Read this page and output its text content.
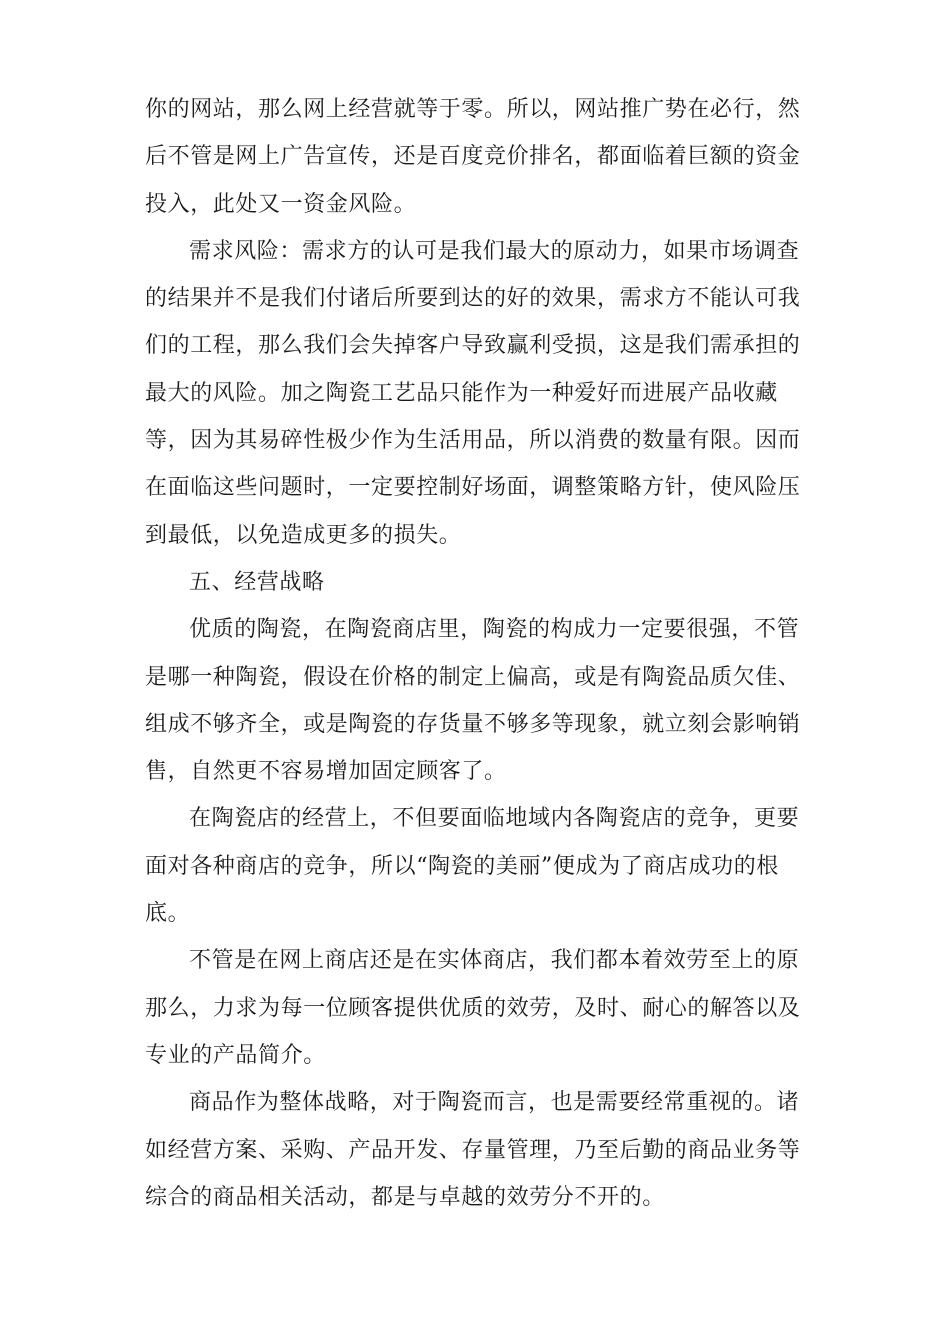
你的网站，那么网上经营就等于零。所以，网站推广势在必行，然
后不管是网上广告宣传，还是百度竞价排名，都面临着巨额的资金
投入，此处又一资金风险。
需求风险：需求方的认可是我们最大的原动力，如果市场调查
的结果并不是我们付诸后所要到达的好的效果，需求方不能认可我
们的工程，那么我们会失掉客户导致赢利受损，这是我们需承担的
最大的风险。加之陶瓷工艺品只能作为一种爱好而进展产品收藏
等，因为其易碎性极少作为生活用品，所以消费的数量有限。因而
在面临这些问题时，一定要控制好场面，调整策略方针，使风险压
到最低，以免造成更多的损失。
五、经营战略
优质的陶瓷，在陶瓷商店里，陶瓷的构成力一定要很强，不管
是哪一种陶瓷，假设在价格的制定上偏高，或是有陶瓷品质欠佳、
组成不够齐全，或是陶瓷的存货量不够多等现象，就立刻会影响销
售，自然更不容易增加固定顾客了。
在陶瓷店的经营上，不但要面临地域内各陶瓷店的竞争，更要
面对各种商店的竞争，所以“陶瓷的美丽”便成为了商店成功的根
底。
不管是在网上商店还是在实体商店，我们都本着效劳至上的原
那么，力求为每一位顾客提供优质的效劳，及时、耐心的解答以及
专业的产品简介。
商品作为整体战略，对于陶瓷而言，也是需要经常重视的。诸
如经营方案、采购、产品开发、存量管理，乃至后勤的商品业务等
综合的商品相关活动，都是与卓越的效劳分不开的。
